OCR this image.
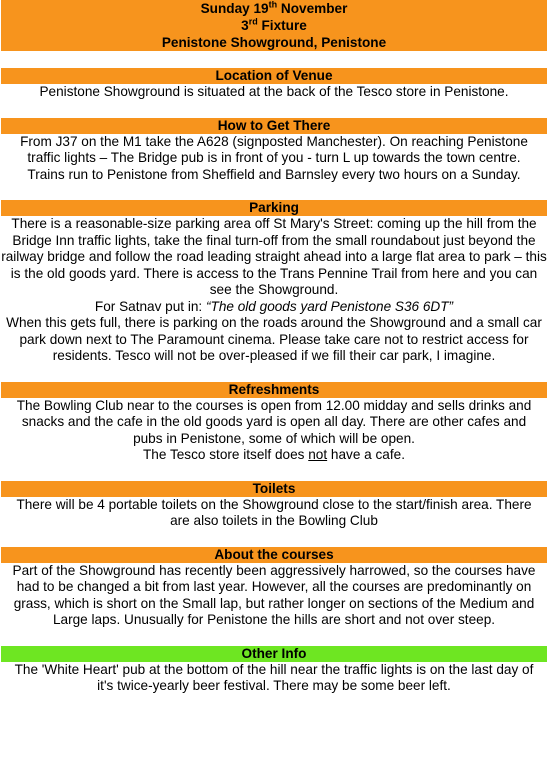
Sunday 19th November
3rd Fixture
Penistone Showground, Penistone
Location of Venue

Penistone Showground is situated at the back of the Tesco store in Penistone.

How to Get There

From J37 on the M1 take the A628 (signposted Manchester). On reaching Penistone traffic lights – The Bridge pub is in front of you - turn L up towards the town centre.

Trains run to Penistone from Sheffield and Barnsley every two hours on a Sunday.

Parking

There is a reasonable-size parking area off St Mary's Street: coming up the hill from the Bridge Inn traffic lights, take the final turn-off from the small roundabout just beyond the railway bridge and follow the road leading straight ahead into a large flat area to park – this is the old goods yard. There is access to the Trans Pennine Trail from here and you can see the Showground.

For Satnav put in: “The old goods yard Penistone S36 6DT”

When this gets full, there is parking on the roads around the Showground and a small car park down next to The Paramount cinema. Please take care not to restrict access for residents. Tesco will not be over-pleased if we fill their car park, I imagine.

Refreshments

The Bowling Club near to the courses is open from 12.00 midday and sells drinks and snacks and the cafe in the old goods yard is open all day. There are other cafes and pubs in Penistone, some of which will be open.

The Tesco store itself does not have a cafe.

Toilets

There will be 4 portable toilets on the Showground close to the start/finish area. There are also toilets in the Bowling Club

About the courses

Part of the Showground has recently been aggressively harrowed, so the courses have had to be changed a bit from last year. However, all the courses are predominantly on grass, which is short on the Small lap, but rather longer on sections of the Medium and Large laps. Unusually for Penistone the hills are short and not over steep.

Other Info

The 'White Heart' pub at the bottom of the hill near the traffic lights is on the last day of it's twice-yearly beer festival. There may be some beer left.
